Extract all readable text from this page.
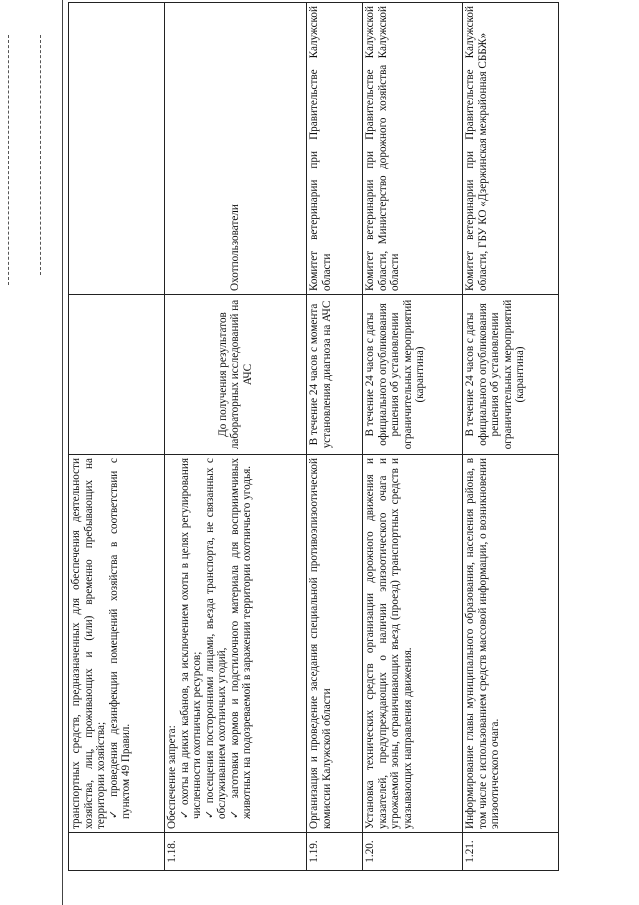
	транспортных средств, предназначенных для обеспечения деятельности хозяйства, лиц, проживающих и (или) временно пребывающих на территории хозяйства; ✓ проведения дезинфекции помещений хозяйства в соответствии с пунктом 49 Правил.		

1.18.	Обеспечение запрета: ✓ охоты на диких кабанов, за исключением охоты в целях регулирования численности охотничьих ресурсов; ✓ посещения посторонними лицами, въезда транспорта, не связанных с обслуживанием охотничьих угодий, ✓ заготовки кормов и подстилочного материала для восприимчивых животных на подозреваемой в заражении территории охотничьего угодья.	До получения результатов лабораторных исследований на АЧС	Охотпользователи
1.19.	Организация и проведение заседания специальной противоэпизоотической комиссии Калужской области	В течение 24 часов с момента установления диагноза на АЧС	Комитет ветеринарии при Правительстве Калужской области
1.20.	Установка технических средств организации дорожного движения и указателей, предупреждающих о наличии эпизоотического очага и угрожаемой зоны, ограничивающих въезд (проезд) транспортных средств и указывающих направления движения.	В течение 24 часов с даты официального опубликования решения об установлении ограничительных мероприятий (карантина)	Комитет ветеринарии при Правительстве Калужской области, Министерство дорожного хозяйства Калужской области
1.21.	Информирование главы муниципального образования, населения района, в том числе с использованием средств массовой информации, о возникновении эпизоотического очага.	В течение 24 часов с даты официального опубликования решения об установлении ограничительных мероприятий (карантина)	Комитет ветеринарии при Правительстве Калужской области, ГБУ КО «Дзержинская межрайонная СББЖ»
